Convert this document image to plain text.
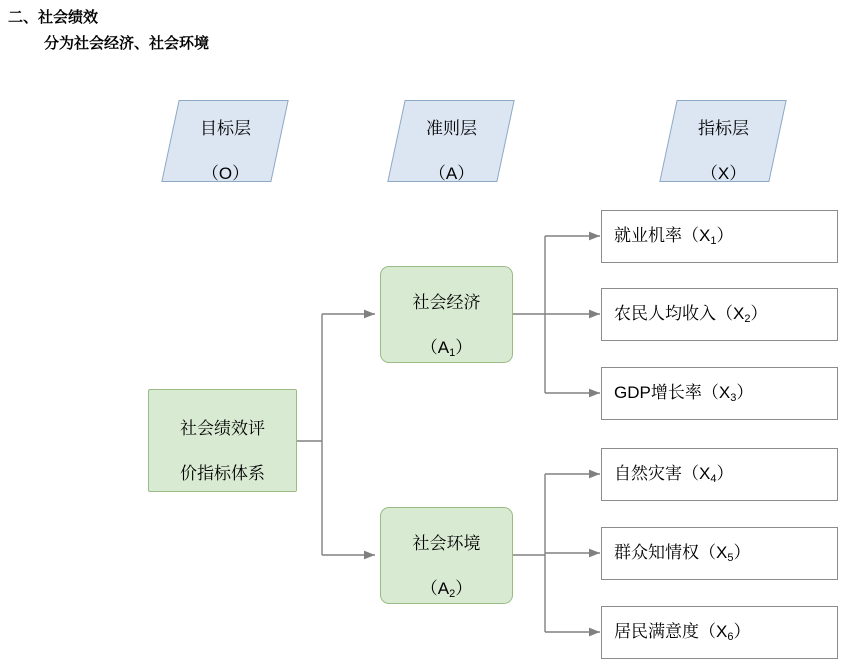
二、社会绩效
分为社会经济、社会环境

目标层

（O）

准则层

（A）

指标层

（X）

社会绩效评

价指标体系

社会经济

$(A_1)$

社会环境

$(A_2)$

就业机率$(X_1)$
农民人均收入$(X_2)$
GDP增长率$(X_3)$
自然灾害$(X_4)$
群众知情权$(X_5)$
居民满意度$(X_6)$
